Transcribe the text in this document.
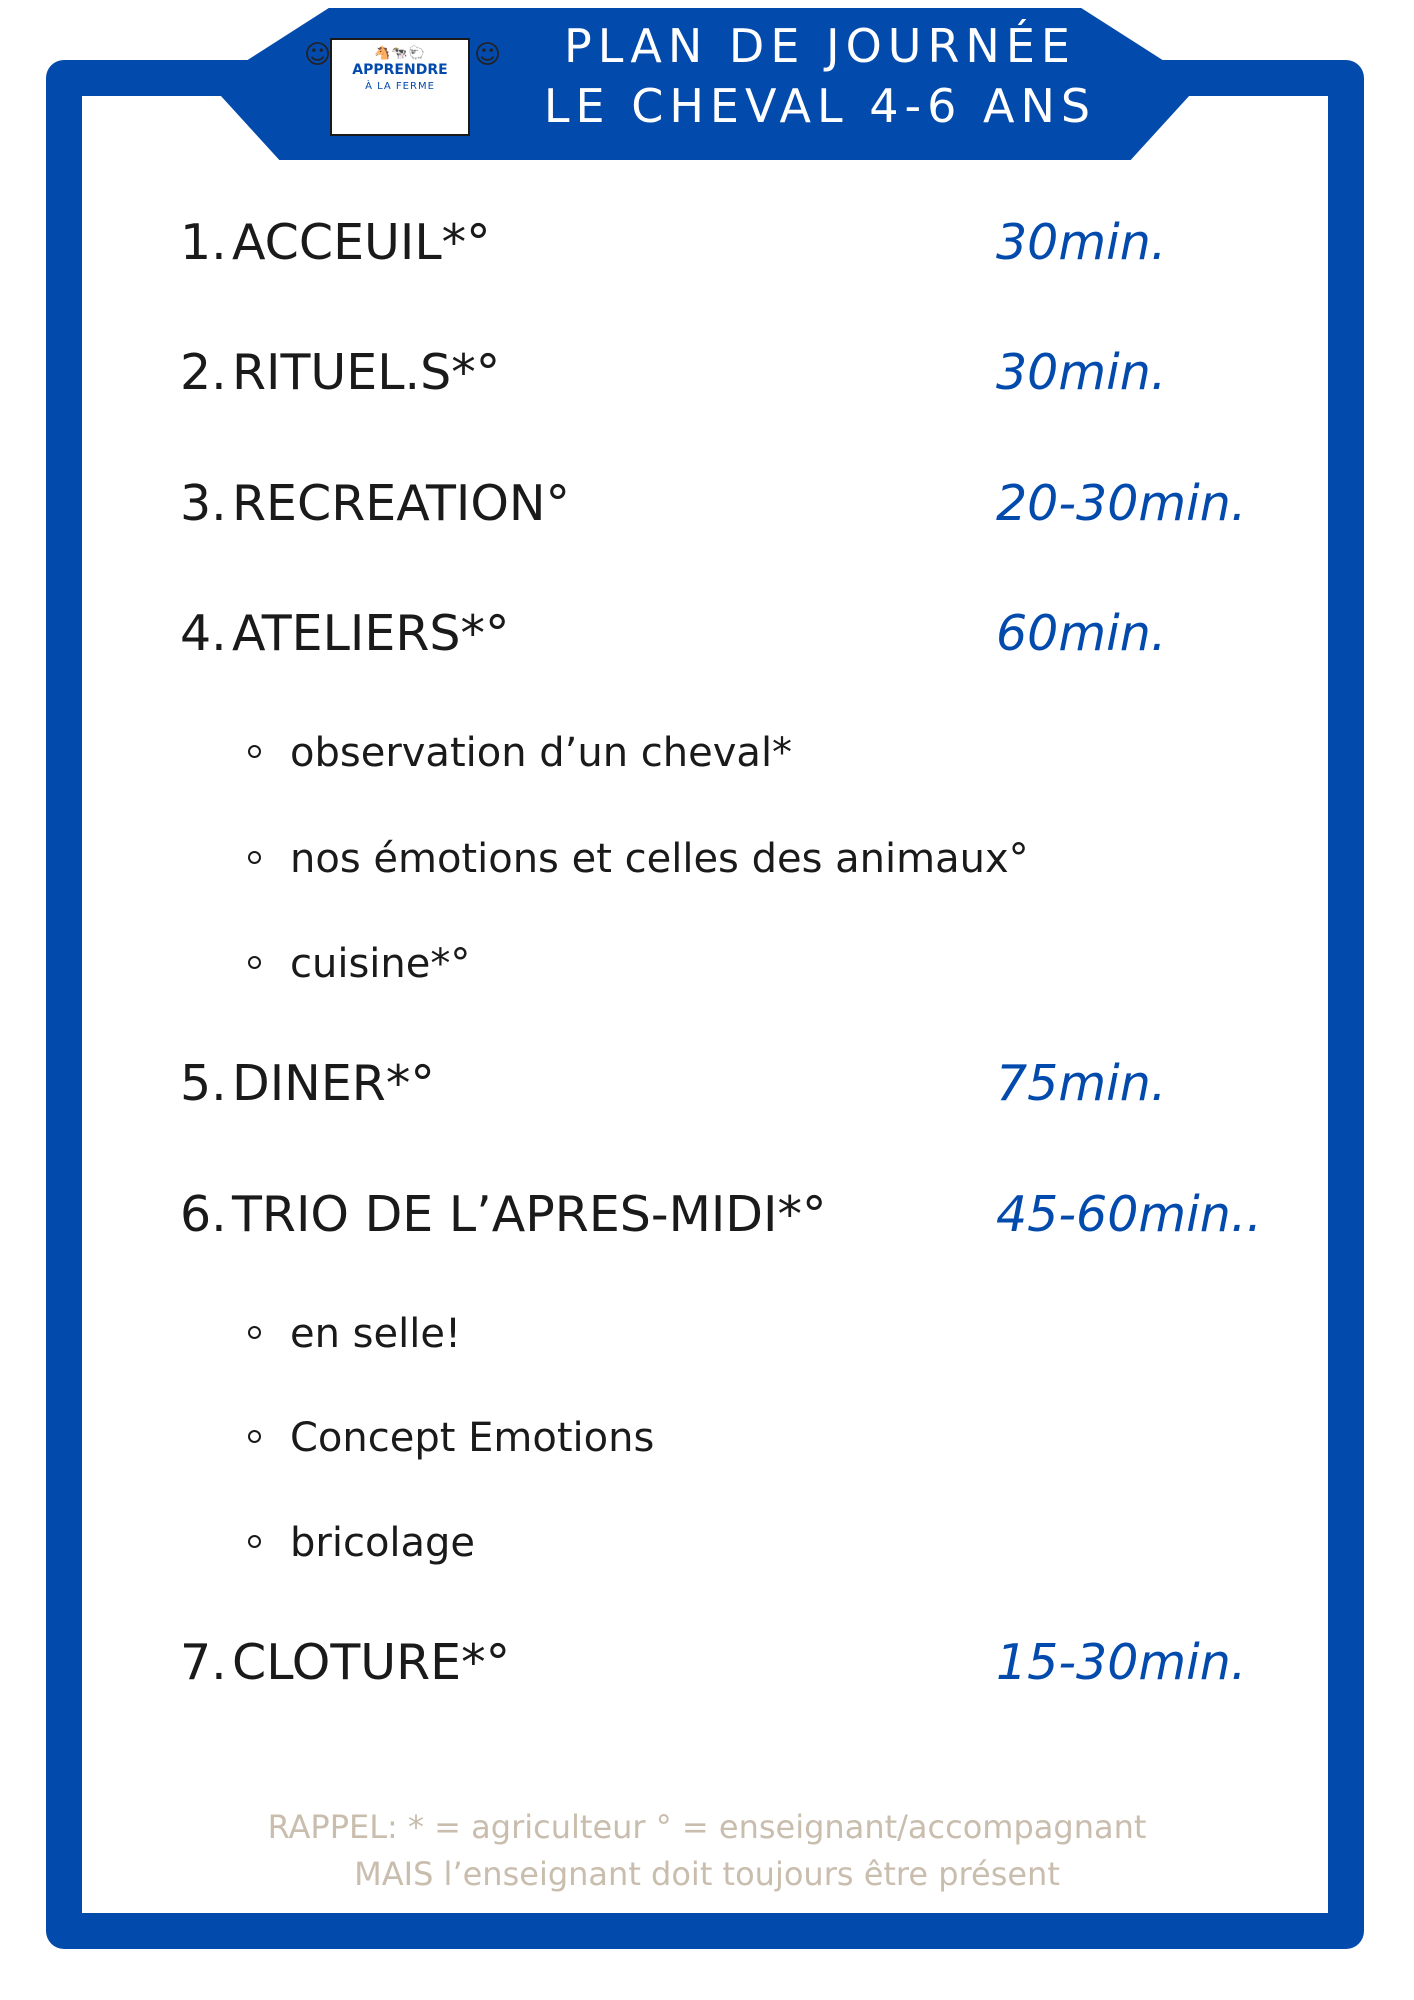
🐴🐄🐑
APPRENDRE
À LA FERME
☺	☺	PLAN DE JOURNÉE
LE CHEVAL 4-6 ANS
1. ACCEUIL*°	30min.
2. RITUEL.S*°	30min.
3. RECREATION°	20-30min.
4. ATELIERS*°	60min.
observation d’un cheval*
nos émotions et celles des animaux°
cuisine*°
5. DINER*°	75min.
6. TRIO DE L’APRES-MIDI*°	45-60min..
en selle!
Concept Emotions
bricolage
7. CLOTURE*°	15-30min.
RAPPEL: * = agriculteur ° = enseignant/accompagnant
MAIS l’enseignant doit toujours être présent
